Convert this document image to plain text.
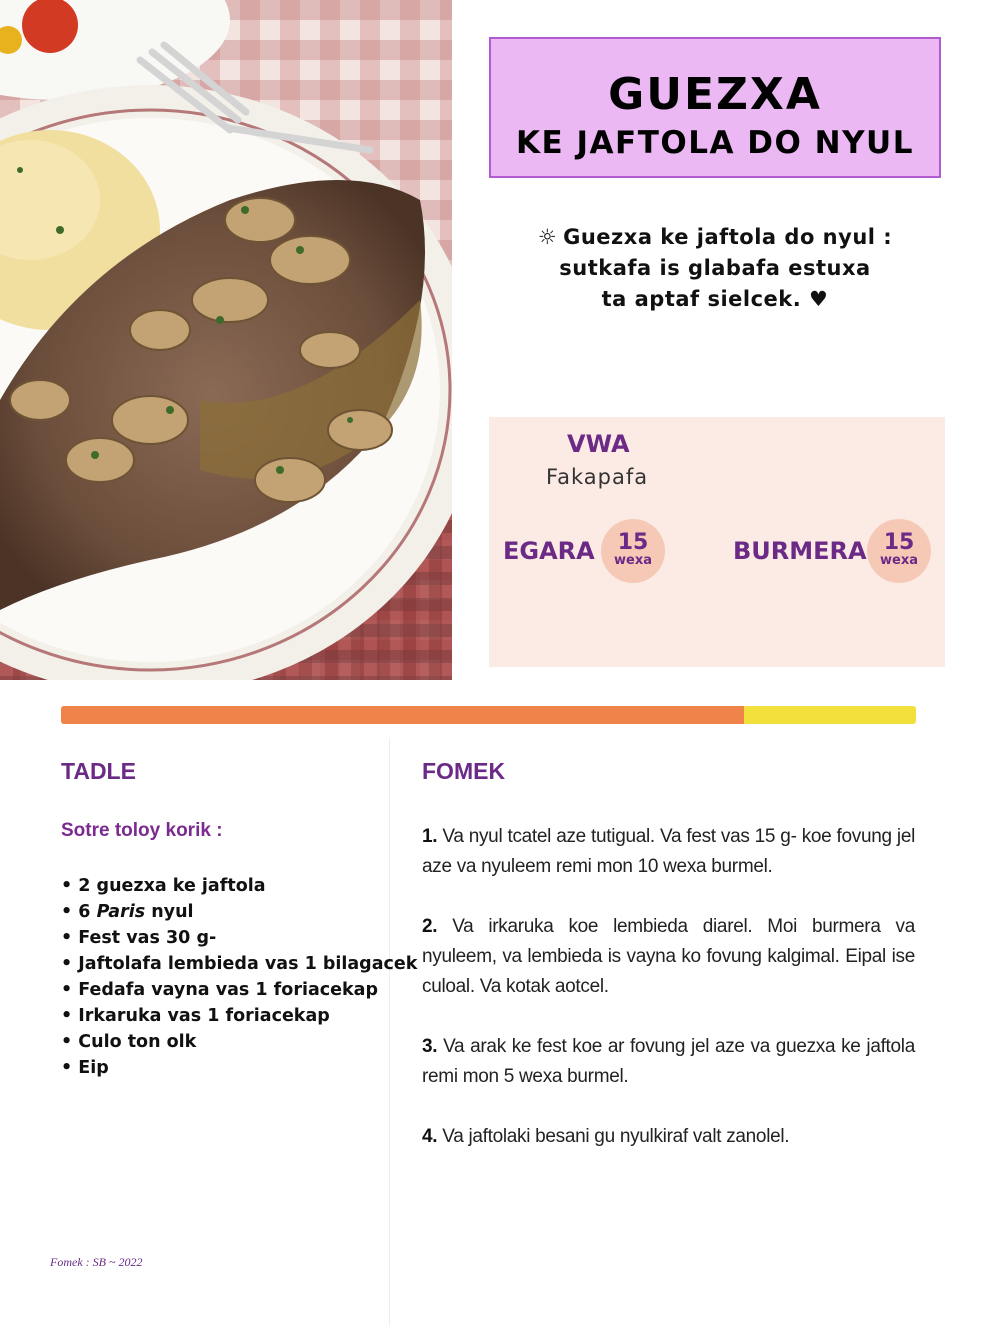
GUEZXA
KE JAFTOLA DO NYUL
☼ Guezxa ke jaftola do nyul :
sutkafa is glabafa estuxa
ta aptaf sielcek. ♥
VWA
Fakapafa
EGARA	15
wexa	BURMERA 15
wexa
TADLE
Sotre toloy korik :
• 2 guezxa ke jaftola
• 6 Paris nyul
• Fest vas 30 g-
• Jaftolafa lembieda vas 1 bilagacek
• Fedafa vayna vas 1 foriacekap
• Irkaruka vas 1 foriacekap
• Culo ton olk
• Eip
FOMEK

1. Va nyul tcatel aze tutigual. Va fest vas 15 g- koe fovung jel aze va nyuleem remi mon 10 wexa burmel.

2. Va irkaruka koe lembieda diarel. Moi burmera va nyuleem, va lembieda is vayna ko fovung kalgimal. Eipal ise culoal. Va kotak aotcel.

3. Va arak ke fest koe ar fovung jel aze va guezxa ke jaftola remi mon 5 wexa burmel.

4. Va jaftolaki besani gu nyulkiraf valt zanolel.

Fomek : SB ~ 2022
